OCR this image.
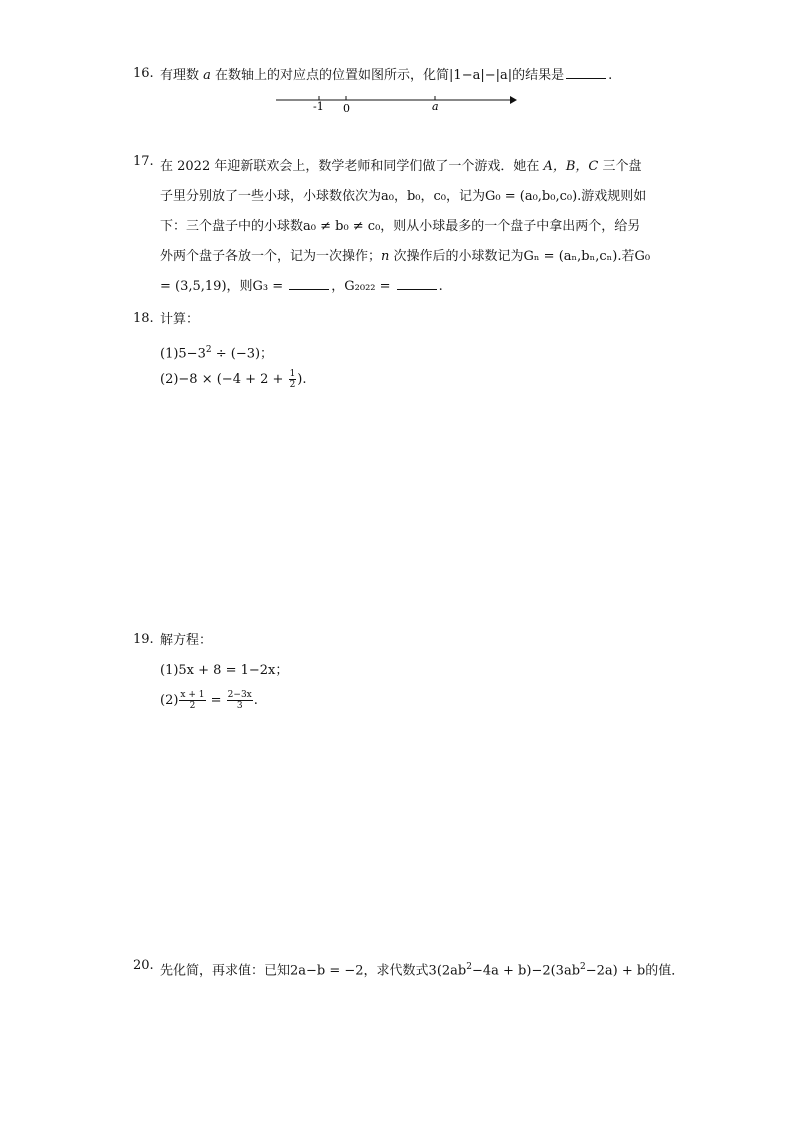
16. 有理数 a 在数轴上的对应点的位置如图所示，化简|1−a|−|a|的结果是	.
-1 0	a
17. 在 2022 年迎新联欢会上，数学老师和同学们做了一个游戏．她在 A，B，C 三个盘
子里分别放了一些小球，小球数依次为a₀，b₀，c₀，记为G₀ = (a₀,b₀,c₀).游戏规则如
下：三个盘子中的小球数a₀ ≠ b₀ ≠ c₀，则从小球最多的一个盘子中拿出两个，给另
外两个盘子各放一个，记为一次操作；n 次操作后的小球数记为Gₙ = (aₙ,bₙ,cₙ).若G₀
= (3,5,19)，则G₃ =	，G₂₀₂₂ =	.
18. 计算：
$(1)5-3^2 \div (-3)$；
$(2)-8 \times (-4 + 2 + \frac{1}{2}$ ).
19. 解方程：
(1)5x + 8 = 1−2x；
$(2) \frac{x + 1}{2} = \frac{2-3x}{3}$ .
20. 先化简，再求值：已知2a−b = −2，求代数式$3(2ab^2-4a + b)-2(3ab^2-2a) + b$的值．
